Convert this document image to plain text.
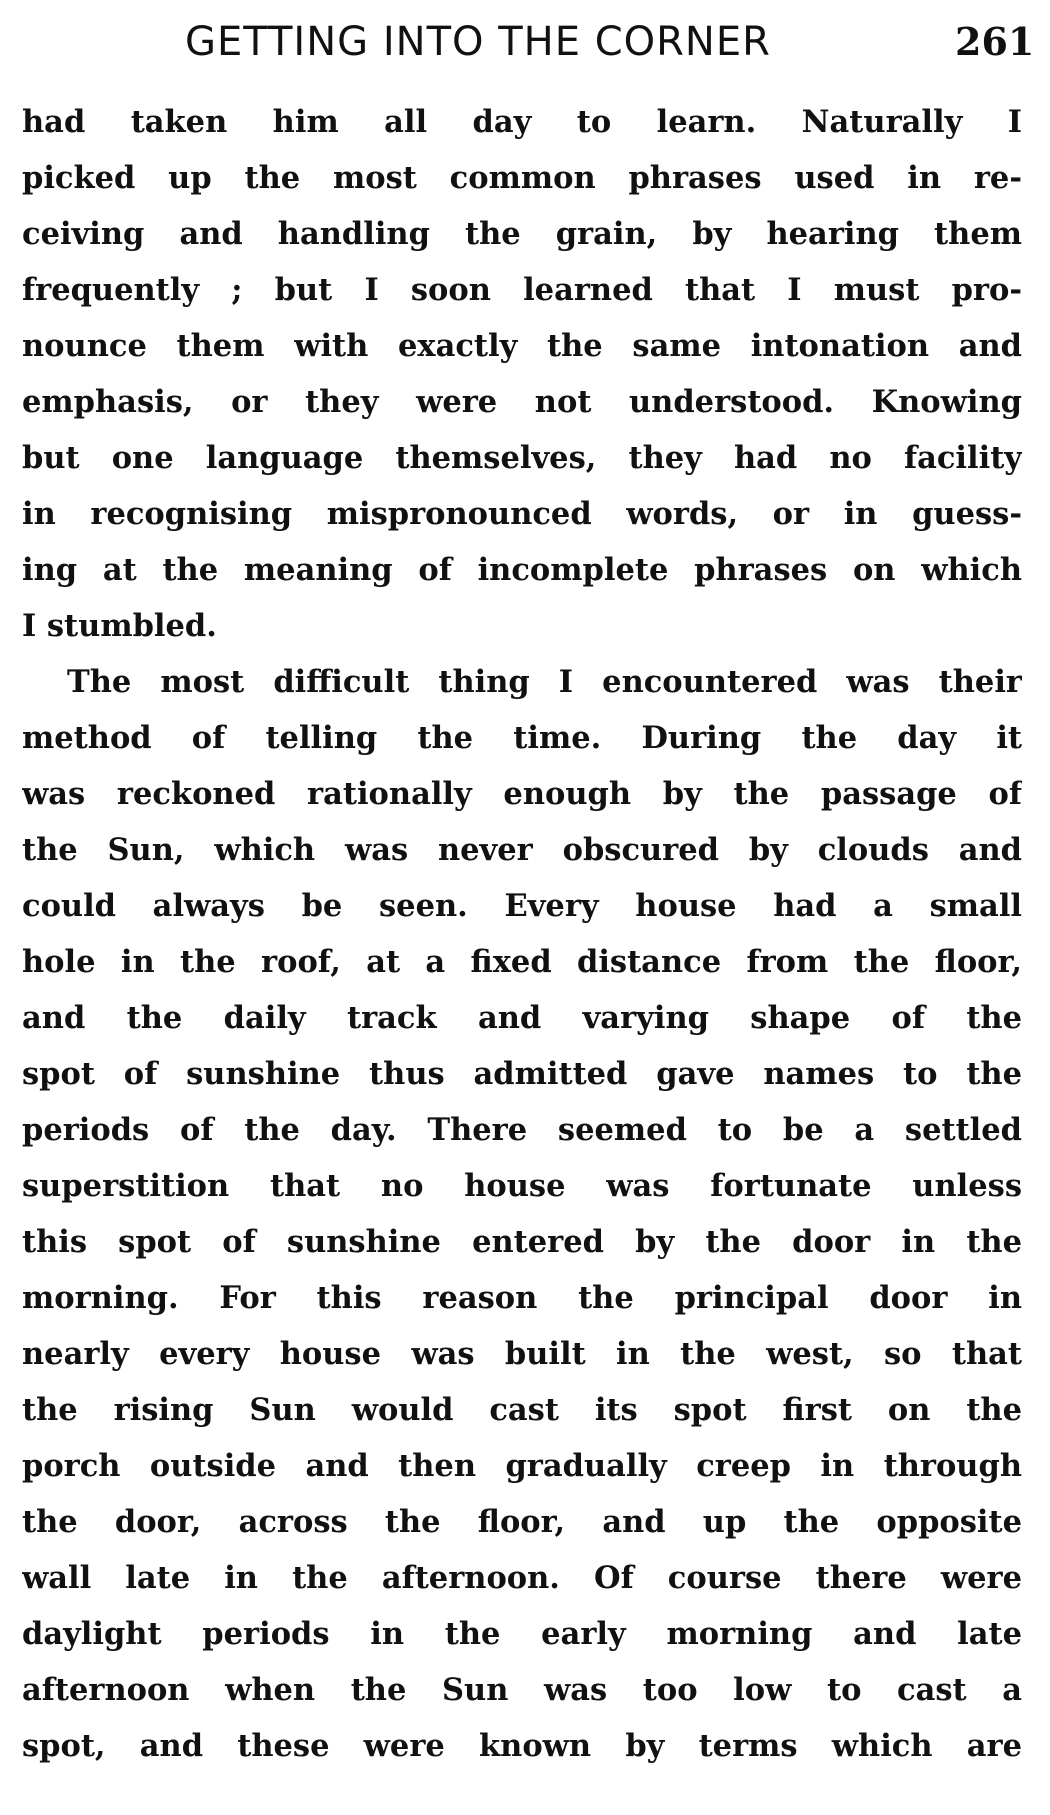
GETTING INTO THE CORNER	261
had taken him all day to learn. Naturally I
picked up the most common phrases used in re-
ceiving and handling the grain, by hearing them
frequently ; but I soon learned that I must pro-
nounce them with exactly the same intonation and
emphasis, or they were not understood. Knowing
but one language themselves, they had no facility
in recognising mispronounced words, or in guess-
ing at the meaning of incomplete phrases on which
I stumbled.
The most difficult thing I encountered was their
method of telling the time. During the day it
was reckoned rationally enough by the passage of
the Sun, which was never obscured by clouds and
could always be seen. Every house had a small
hole in the roof, at a fixed distance from the floor,
and the daily track and varying shape of the
spot of sunshine thus admitted gave names to the
periods of the day. There seemed to be a settled
superstition that no house was fortunate unless
this spot of sunshine entered by the door in the
morning. For this reason the principal door in
nearly every house was built in the west, so that
the rising Sun would cast its spot first on the
porch outside and then gradually creep in through
the door, across the floor, and up the opposite
wall late in the afternoon. Of course there were
daylight periods in the early morning and late
afternoon when the Sun was too low to cast a
spot, and these were known by terms which are
